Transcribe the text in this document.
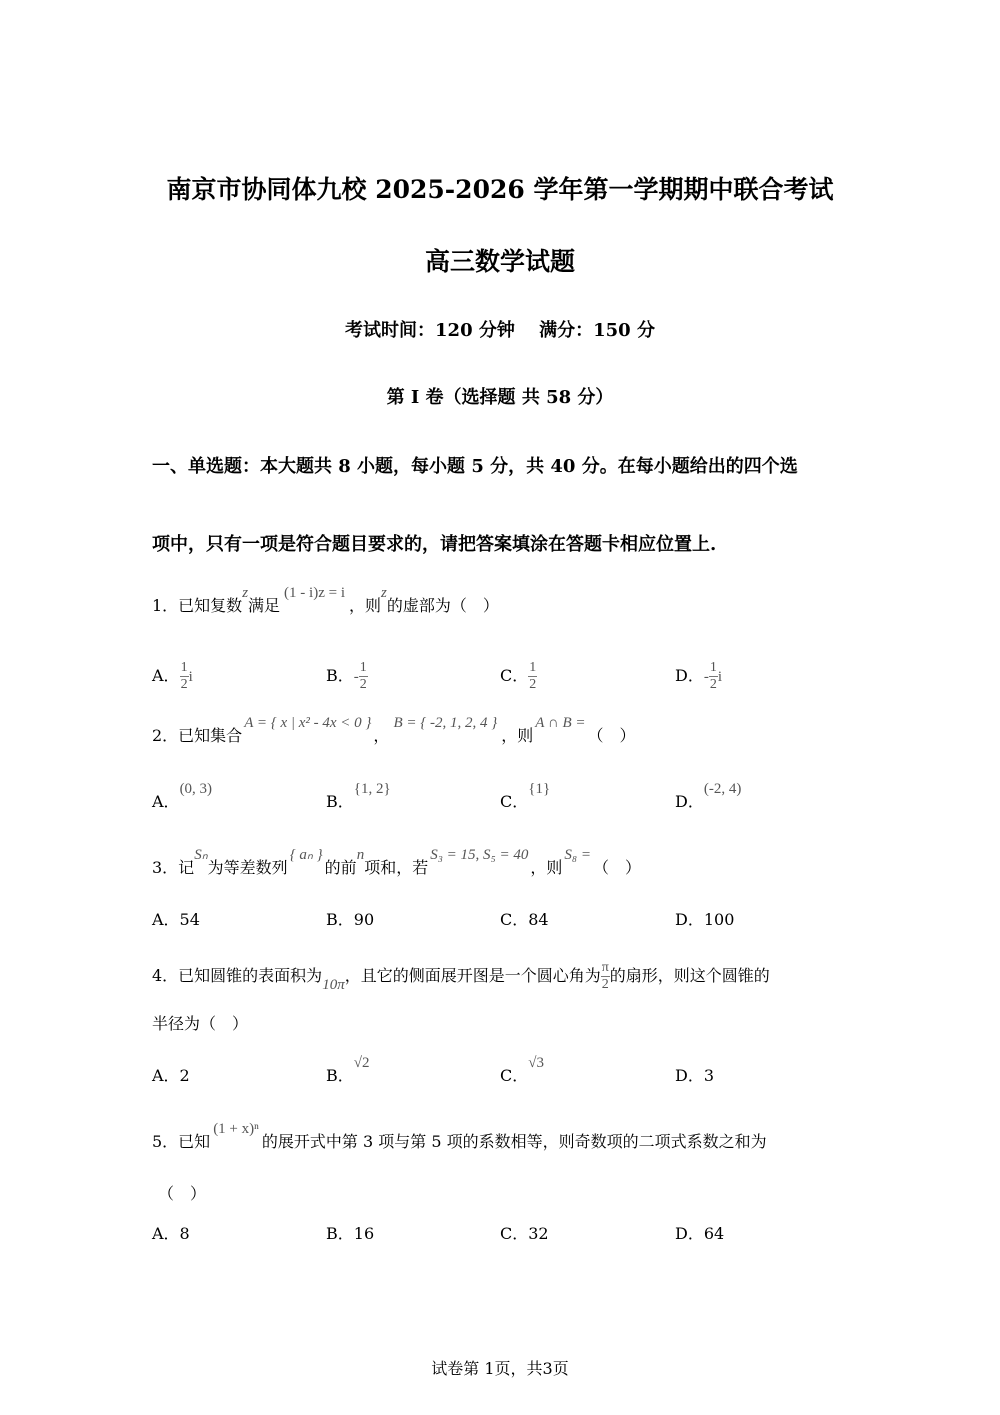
南京市协同体九校 2025-2026 学年第一学期期中联合考试
高三数学试题
考试时间：120 分钟　 满分：150 分
第 I 卷（选择题 共 58 分）
一、单选题：本大题共 8 小题，每小题 5 分，共 40 分。在每小题给出的四个选
项中，只有一项是符合题目要求的，请把答案填涂在答题卡相应位置上.
1．已知复数z满足(1 - i)z = i，则z的虚部为（　）
A． $\frac{1}{2}$ i	B．- $\frac{1}{2}$	C． $\frac{1}{2}$	D．- $\frac{1}{2}$ i
2．已知集合A = { x | x² - 4x < 0 }，B = { -2, 1, 2, 4 }，则A ∩ B =（　）
A．(0, 3)
B．{1, 2}
C．{1}
D．(-2, 4)
3．记Sₙ为等差数列{ aₙ }的前n项和，若S₃ = 15, S₅ = 40，则S₈ =（　）
A．54	B．90	C．84	D．100
4．已知圆锥的表面积为10π，且它的侧面展开图是一个圆心角为 $\frac{\pi}{2}$ 的扇形，则这个圆锥的
半径为（　）
A．2	B．√2
C．√3
D．3
5．已知(1 + x)ⁿ的展开式中第 3 项与第 5 项的系数相等，则奇数项的二项式系数之和为
（　）
A．8	B．16	C．32	D．64
试卷第 1页，共3页
